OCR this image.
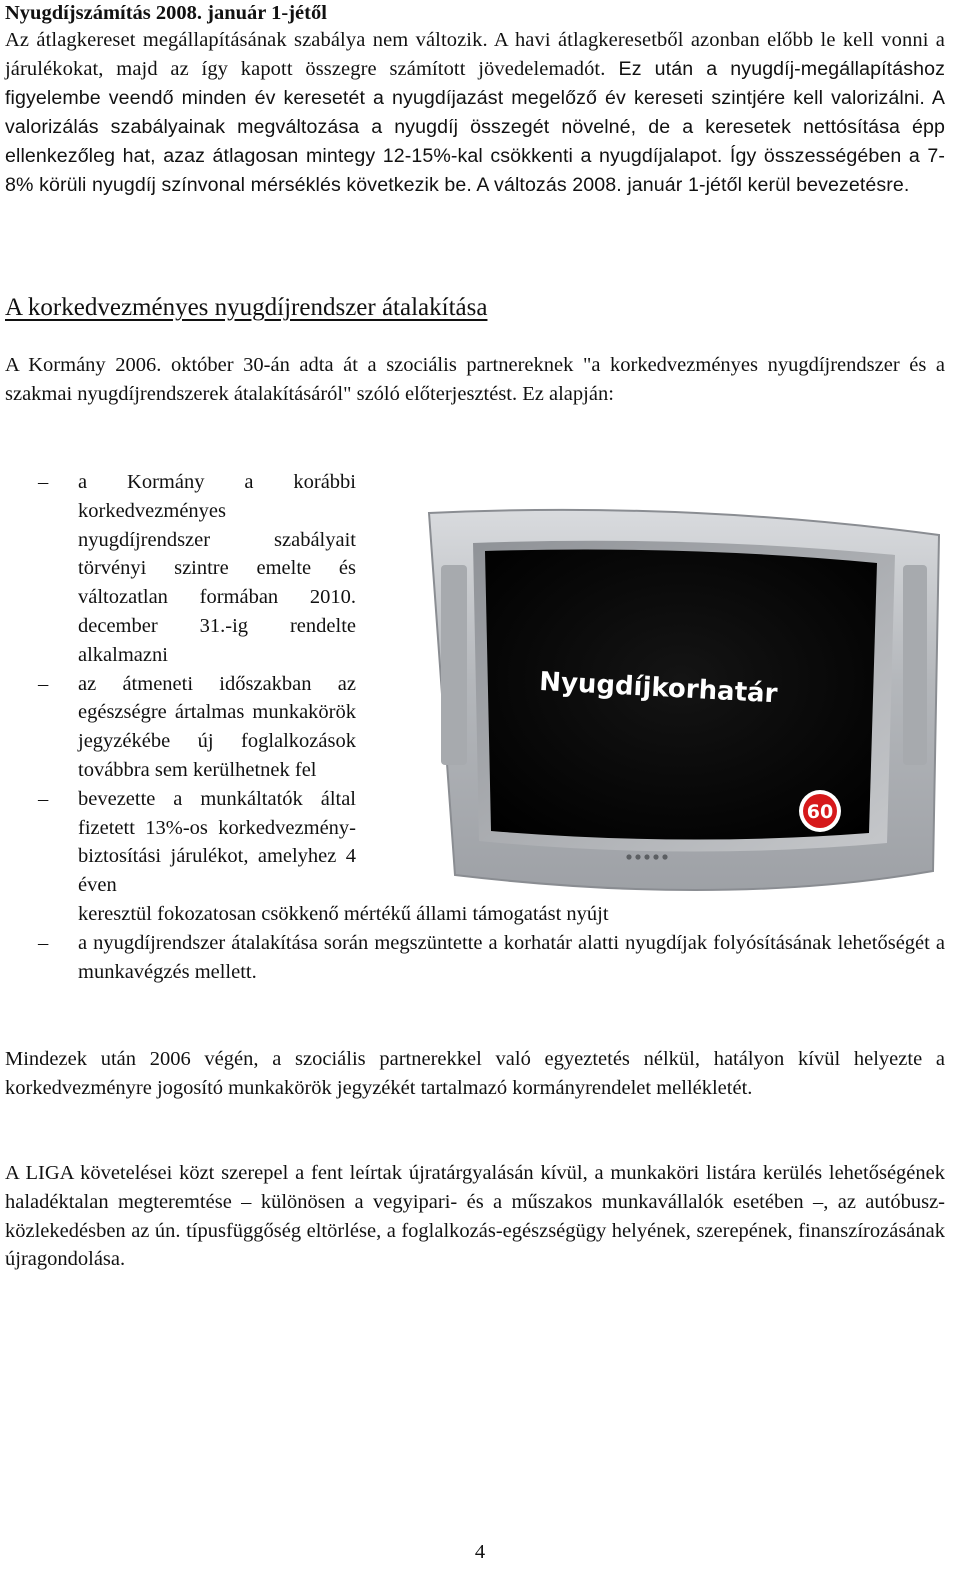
Nyugdíjszámítás 2008. január 1-jétől

Az átlagkereset megállapításának szabálya nem változik. A havi átlagkeresetből azonban előbb le kell vonni a járulékokat, majd az így kapott összegre számított jövedelemadót. Ez után a nyugdíj-megállapításhoz figyelembe veendő minden év keresetét a nyugdíjazást megelőző év kereseti szintjére kell valorizálni. A valorizálás szabályainak megváltozása a nyugdíj összegét növelné, de a keresetek nettósítása épp ellenkezőleg hat, azaz átlagosan mintegy 12-15%-kal csökkenti a nyugdíjalapot. Így összességében a 7-8% körüli nyugdíj színvonal mérséklés következik be. A változás 2008. január 1-jétől kerül bevezetésre.

A korkedvezményes nyugdíjrendszer átalakítása

A Kormány 2006. október 30-án adta át a szociális partnereknek "a korkedvezményes nyugdíjrendszer és a szakmai nyugdíjrendszerek átalakításáról" szóló előterjesztést. Ez alapján:

– a Kormány a korábbi korkedvezményes nyugdíjrendszer szabályait törvényi szintre emelte és változatlan formában 2010. december 31.-ig rendelte alkalmazni
– az átmeneti időszakban az egészségre ártalmas munkakörök jegyzékébe új foglalkozások továbbra sem kerülhetnek fel
– bevezette a munkáltatók által fizetett 13%-os korkedvezmény-biztosítási járulékot, amelyhez 4 éven
keresztül fokozatosan csökkenő mértékű állami támogatást nyújt
– a nyugdíjrendszer átalakítása során megszüntette a korhatár alatti nyugdíjak folyósításának lehetőségét a munkavégzés mellett.
Nyugdíjkorhatár
60

Mindezek után 2006 végén, a szociális partnerekkel való egyeztetés nélkül, hatályon kívül helyezte a korkedvezményre jogosító munkakörök jegyzékét tartalmazó kormányrendelet mellékletét.

A LIGA követelései közt szerepel a fent leírtak újratárgyalásán kívül, a munkaköri listára kerülés lehetőségének haladéktalan megteremtése – különösen a vegyipari- és a műszakos munkavállalók esetében –, az autóbusz-közlekedésben az ún. típusfüggőség eltörlése, a foglalkozás-egészségügy helyének, szerepének, finanszírozásának újragondolása.

4
